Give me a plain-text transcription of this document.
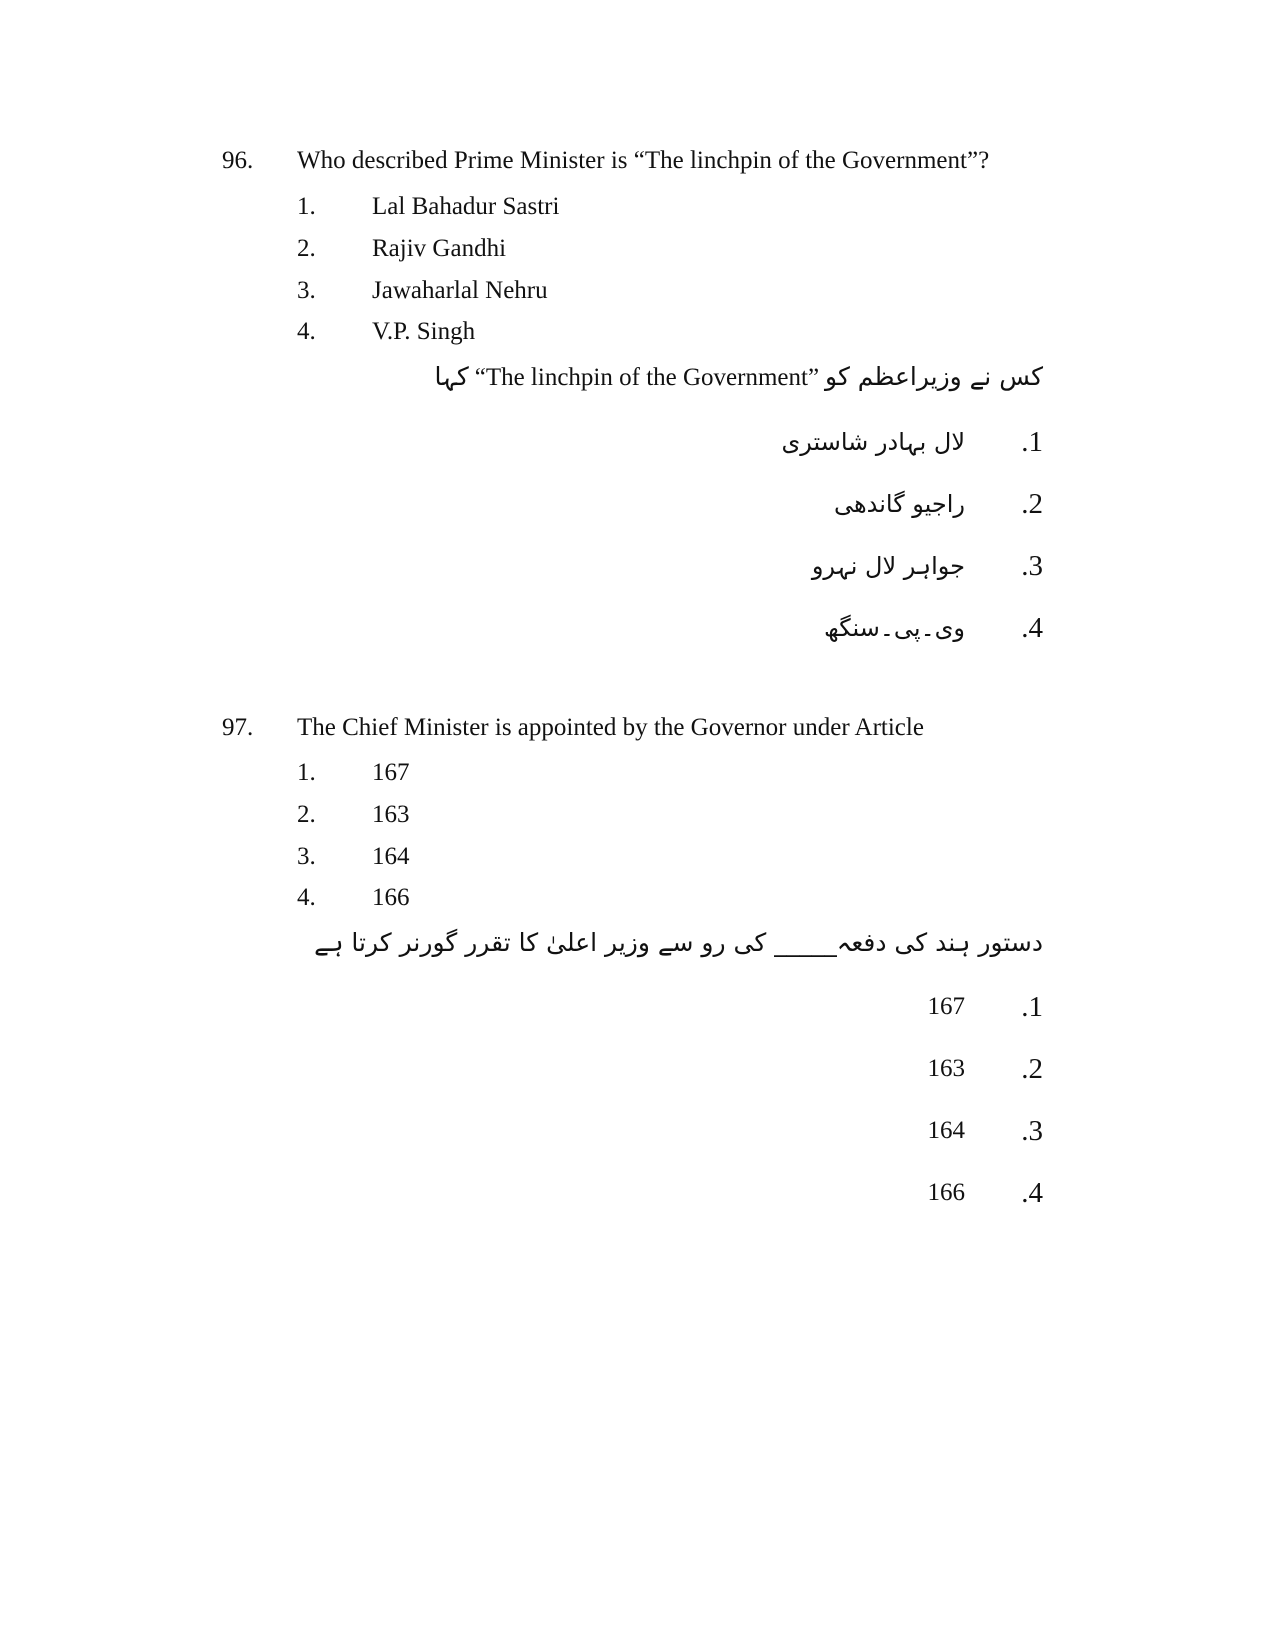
96. Who described Prime Minister is “The linchpin of the Government”?
1. Lal Bahadur Sastri
2. Rajiv Gandhi
3. Jawaharlal Nehru
4. V.P. Singh
کس نے وزیراعظم کو“The linchpin of the Government”کہا
.1
لال بہادر شاستری
.2
راجیو گاندھی
.3
جواہر لال نہرو
.4
وی۔پی۔سنگھ
97. The Chief Minister is appointed by the Governor under Article
1. 167
2. 163
3. 164
4. 166
دستور ہند کی دفعہ_____ کی رو سے وزیر اعلیٰ کا تقرر گورنر کرتا ہے
.1
167
.2
163
.3
164
.4
166
